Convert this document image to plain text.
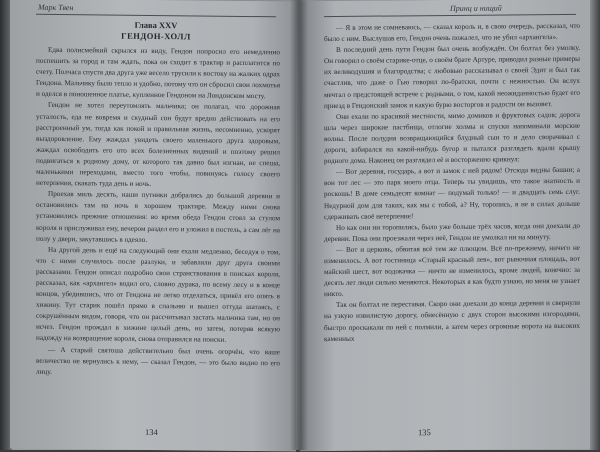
Марк Твен
Глава XXV
ГЕНДОН-ХОЛЛ

Едва полисмейкий скрылся из виду, Гендон попросил его немедленно поспешить за город и там ждать, пока он сходит в трактир и расплатится по счету. Полчаса спустя два друга уже весело трусили к востоку на жалких одрах Гендона. Мальчику было тепло и удобно, потому что он сбросил свои лохмотья и оделся в поношенное платье, купленное Гендоном на Лондонском мосту.

Гендон не хотел переутомлять мальчика; он полагал, что дорожная усталость, еда не вовремя и скудный сон будут вредно действовать на его расстроенный ум, тогда как покой и правильная жизнь, несомненно, ускорят выздоровление. Ему жаждал увидеть своего маленького друга здоровым, жаждал освободить его ото всех болезненных видений и поэтому решил подвигаться к родному дому, от которого так давно был изгнан, не спеша, маленькими переходами, вместо того чтобы, повинуясь голосу своего нетерпения, скакать туда день и ночь.

Проехав миль десять, наши путники добрались до большой деревни и остановились там на ночь в хорошем трактире. Между ними снова установились прежние отношения: во время обеда Гендон стоял за стулом короля и прислуживал ему, вечером раздел его и уложил в постель, а сам лёг на полу у двери, закутавшись в одеяло.

На другой день и ещё на следующий они ехали медленно, беседуя о том, что с ними случилось после разлуки, и забавляли друг друга своими рассказами. Гендон описал подробно свои странствования в поисках короля, рассказал, как «архангел» водил его, словно дурака, по всему лесу и в конце концов, убедившись, что от Гендона не легко отделаться, привёл его опять в хижину. Тут старик пошёл прямо в спальню и вышел оттуда шатаясь, с сокрушённым видом, говоря, что он рассчитывал застать мальчика там, но он исчез. Гендон прождал в хижине целый день, но затем, потеряв всякую надежду на возвращение короля, снова отправился на поиски.

— А старый святоша действительно был очень огорчён, что ваше величество не вернулись к нему, — сказал Гендон, — это было видно по его лицу.

134
Принц и нищий

— Я в этом не сомневаюсь, — сказал король и, в свою очередь, рассказал, что было с ним. Выслушав его, Гендон очень пожалел, что не убил «архангела».

В последний день пути Гендон был очень возбуждён. Он болтал без умолку. Он говорил о своём старике-отце, о своём брате Артуре, приводил разные примеры их великодушия и благородства; с любовью рассказывал о своей Эдит и был так счастлив, что даже о Гью говорил по-братски, почти с нежностью. Он вслух мечтал о предстоящей встрече с родными, о том, какой неожиданностью будет его приезд в Гендонский замок и какую бурю восторгов и радости он вызовет.

Они ехали по красивой местности, мимо домиков и фруктовых садов; дорога шла через широкие пастбища, отлогие холмы и спуски напоминали морские волны. После полудня возвращающийся блудный сын то и дело сворачивал с дороги, взбирался на какой-нибудь бугор и пытался разглядеть вдали крышу родного дома. Наконец он разглядел её и восторженно крикнул:

— Вот деревня, государь, а вот и замок с ней рядом! Отсюда видны башни; а вон тот лес — это парк моего отца. Теперь ты увидишь, что такое знатность и роскошь! В доме семьдесят комнат — подумай только! — и двадцать семь слуг. Недурной дом для таких, как мы с тобой, а? Ну, торопись, я не в силах дольше сдерживать своё нетерпение!

Но как они ни торопились, было уже больше трёх часов, когда они доехали до деревни. Пока они проезжали через неё, Гендон не умолкал ни на минуту.

— Вот и церковь, обвитая всё тем же плющом. Всё по-прежнему, ничего не изменилось. А вот гостиница «Старый красный лев», вот рыночная площадь, вот майский шест, вот водокачка — ничто не изменилось, кроме людей, конечно: за десять лет люди сильно меняются. Некоторых я как будто узнаю, но меня не узнает никто.

Так он болтал не переставая. Скоро они доехали до конца деревни и свернули на узкую извилистую дорогу, обнесённую с двух сторон высокими изгородями, быстро проскакали по ней с полмили, а затем через огромные ворота на высоких каменных

135
